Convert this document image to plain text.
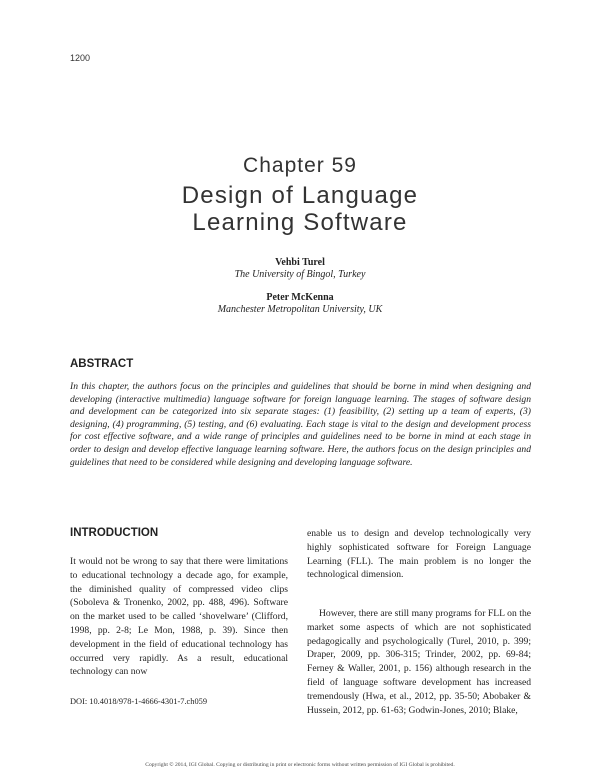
1200
Chapter 59
Design of Language
Learning Software
Vehbi Turel
The University of Bingol, Turkey
Peter McKenna
Manchester Metropolitan University, UK
ABSTRACT

In this chapter, the authors focus on the principles and guidelines that should be borne in mind when designing and developing (interactive multimedia) language software for foreign language learning. The stages of software design and development can be categorized into six separate stages: (1) feasibility, (2) setting up a team of experts, (3) designing, (4) programming, (5) testing, and (6) evaluating. Each stage is vital to the design and development process for cost effective software, and a wide range of principles and guidelines need to be borne in mind at each stage in order to design and develop effective language learning software. Here, the authors focus on the design principles and guidelines that need to be considered while designing and developing language software.

INTRODUCTION

It would not be wrong to say that there were limitations to educational technology a decade ago, for example, the diminished quality of compressed video clips (Soboleva & Tronenko, 2002, pp. 488, 496). Software on the market used to be called ‘shovelware’ (Clifford, 1998, pp. 2-8; Le Mon, 1988, p. 39). Since then development in the field of educational technology has occurred very rapidly. As a result, educational technology can now

enable us to design and develop technologically very highly sophisticated software for Foreign Language Learning (FLL). The main problem is no longer the technological dimension.

However, there are still many programs for FLL on the market some aspects of which are not sophisticated pedagogically and psychologically (Turel, 2010, p. 399; Draper, 2009, pp. 306-315; Trinder, 2002, pp. 69-84; Ferney & Waller, 2001, p. 156) although research in the field of language software development has increased tremendously (Hwa, et al., 2012, pp. 35-50; Abobaker & Hussein, 2012, pp. 61-63; Godwin-Jones, 2010; Blake,

DOI: 10.4018/978-1-4666-4301-7.ch059
Copyright © 2014, IGI Global. Copying or distributing in print or electronic forms without written permission of IGI Global is prohibited.
